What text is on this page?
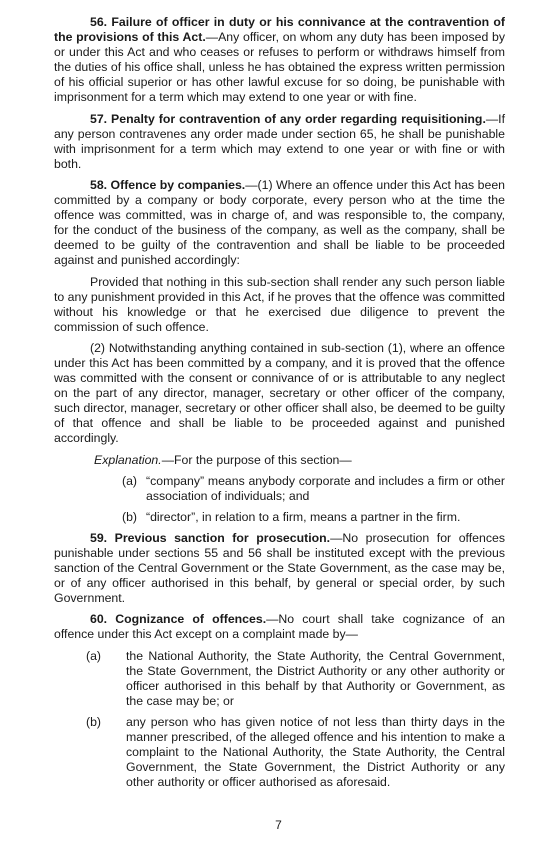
56. Failure of officer in duty or his connivance at the contravention of the provisions of this Act.—Any officer, on whom any duty has been imposed by or under this Act and who ceases or refuses to perform or withdraws himself from the duties of his office shall, unless he has obtained the express written permission of his official superior or has other lawful excuse for so doing, be punishable with imprisonment for a term which may extend to one year or with fine.

57. Penalty for contravention of any order regarding requisitioning.—If any person contravenes any order made under section 65, he shall be punishable with imprisonment for a term which may extend to one year or with fine or with both.

58. Offence by companies.—(1) Where an offence under this Act has been committed by a company or body corporate, every person who at the time the offence was committed, was in charge of, and was responsible to, the company, for the conduct of the business of the company, as well as the company, shall be deemed to be guilty of the contravention and shall be liable to be proceeded against and punished accordingly:

Provided that nothing in this sub-section shall render any such person liable to any punishment provided in this Act, if he proves that the offence was committed without his knowledge or that he exercised due diligence to prevent the commission of such offence.

(2) Notwithstanding anything contained in sub-section (1), where an offence under this Act has been committed by a company, and it is proved that the offence was committed with the consent or connivance of or is attributable to any neglect on the part of any director, manager, secretary or other officer of the company, such director, manager, secretary or other officer shall also, be deemed to be guilty of that offence and shall be liable to be proceeded against and punished accordingly.

Explanation.—For the purpose of this section—
(a) “company” means anybody corporate and includes a firm or other association of individuals; and
(b) “director”, in relation to a firm, means a partner in the firm.

59. Previous sanction for prosecution.—No prosecution for offences punishable under sections 55 and 56 shall be instituted except with the previous sanction of the Central Government or the State Government, as the case may be, or of any officer authorised in this behalf, by general or special order, by such Government.

60. Cognizance of offences.—No court shall take cognizance of an offence under this Act except on a complaint made by—

(a)	the National Authority, the State Authority, the Central Government, the State Government, the District Authority or any other authority or officer authorised in this behalf by that Authority or Government, as the case may be; or
(b)	any person who has given notice of not less than thirty days in the manner prescribed, of the alleged offence and his intention to make a complaint to the National Authority, the State Authority, the Central Government, the State Government, the District Authority or any other authority or officer authorised as aforesaid.
7
